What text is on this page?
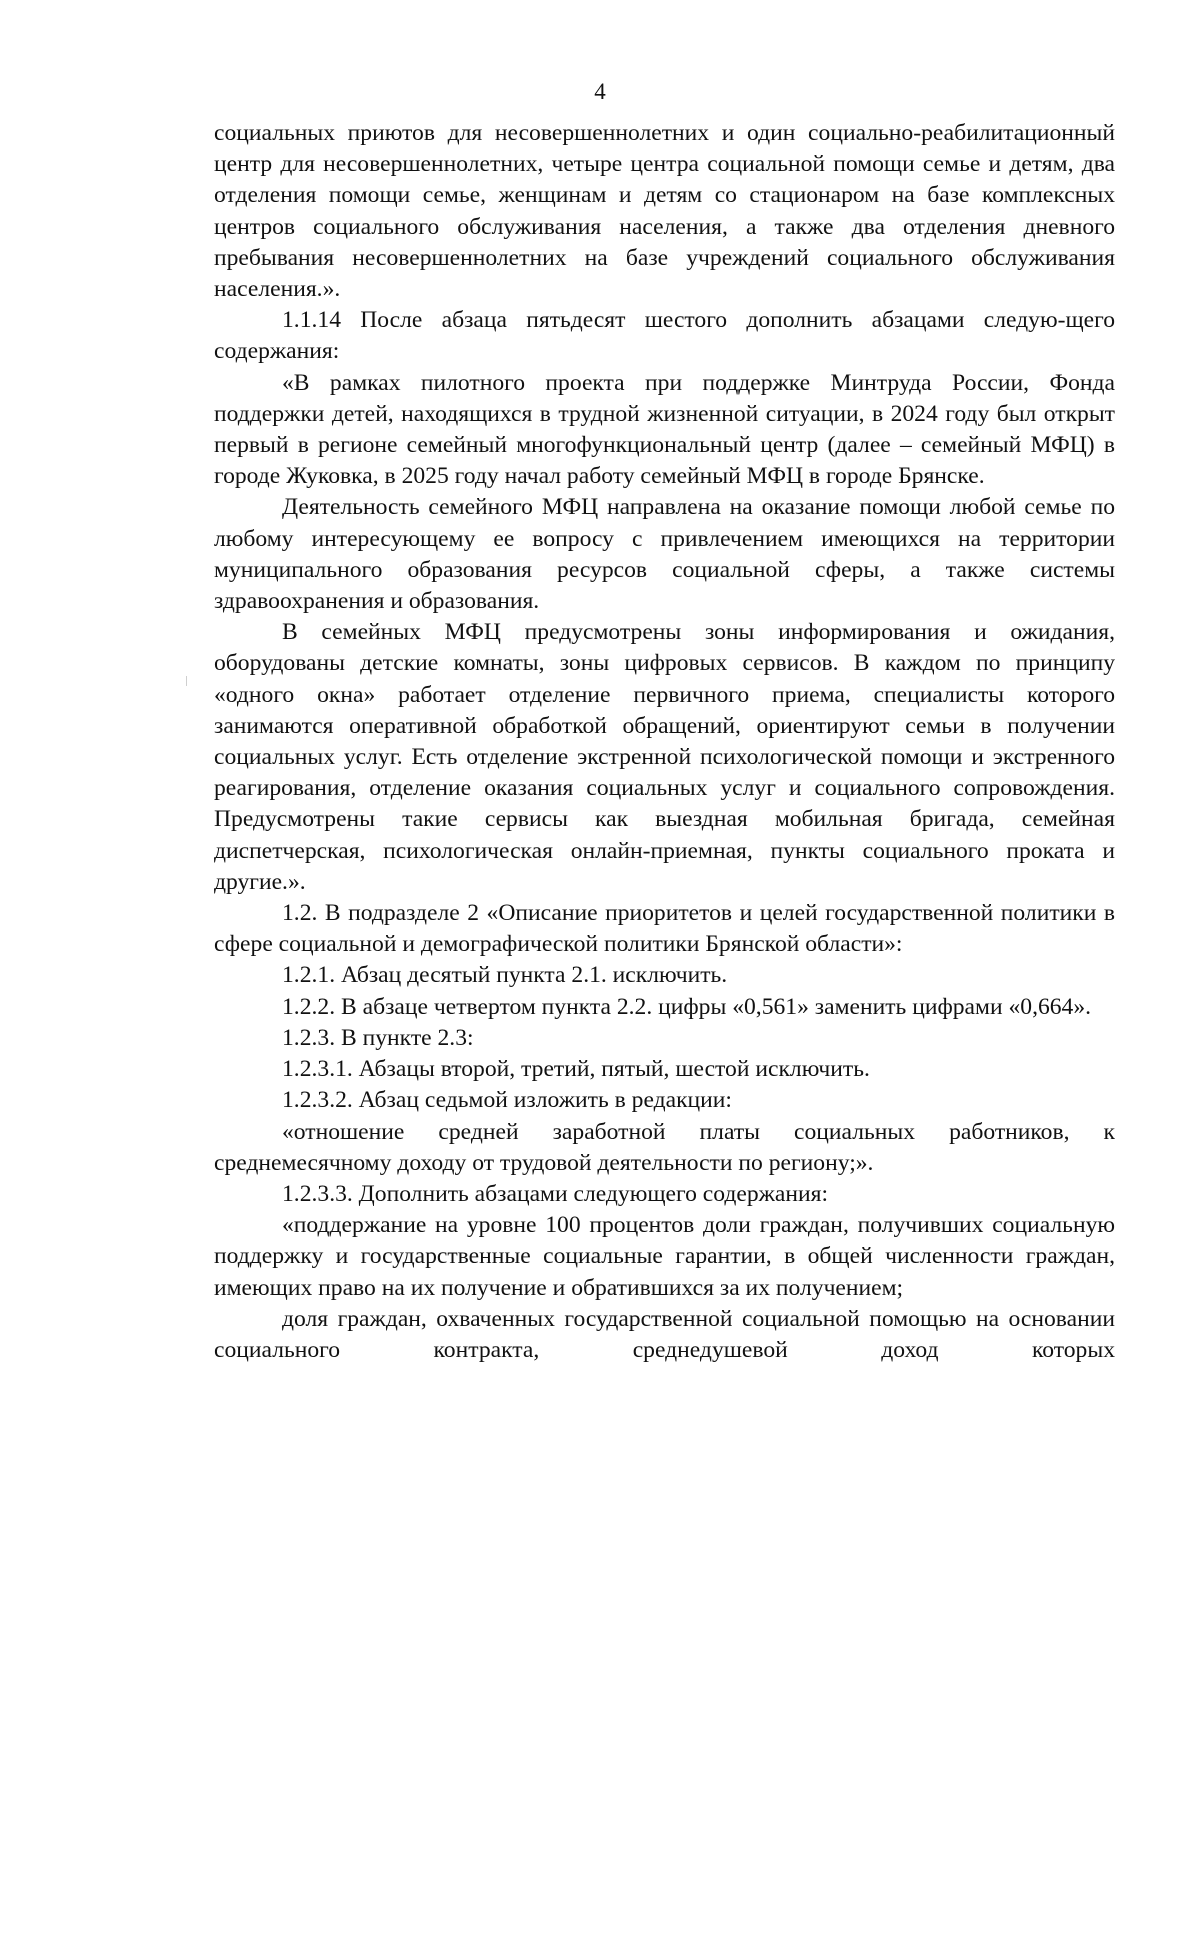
4

социальных приютов для несовершеннолетних и один социально-реабилитационный центр для несовершеннолетних, четыре центра социальной помощи семье и детям, два отделения помощи семье, женщинам и детям со стационаром на базе комплексных центров социального обслуживания населения, а также два отделения дневного пребывания несовершеннолетних на базе учреждений социального обслуживания населения.».

1.1.14 После абзаца пятьдесят шестого дополнить абзацами следую-щего содержания:

«В рамках пилотного проекта при поддержке Минтруда России, Фонда поддержки детей, находящихся в трудной жизненной ситуации, в 2024 году был открыт первый в регионе семейный многофункциональный центр (далее – семейный МФЦ) в городе Жуковка, в 2025 году начал работу семейный МФЦ в городе Брянске.

Деятельность семейного МФЦ направлена на оказание помощи любой семье по любому интересующему ее вопросу с привлечением имеющихся на территории муниципального образования ресурсов социальной сферы, а также системы здравоохранения и образования.

В семейных МФЦ предусмотрены зоны информирования и ожидания, оборудованы детские комнаты, зоны цифровых сервисов. В каждом по принципу «одного окна» работает отделение первичного приема, специалисты которого занимаются оперативной обработкой обращений, ориентируют семьи в получении социальных услуг. Есть отделение экстренной психологической помощи и экстренного реагирования, отделение оказания социальных услуг и социального сопровождения. Предусмотрены такие сервисы как выездная мобильная бригада, семейная диспетчерская, психологическая онлайн-приемная, пункты социального проката и другие.».

1.2. В подразделе 2 «Описание приоритетов и целей государственной политики в сфере социальной и демографической политики Брянской области»:

1.2.1. Абзац десятый пункта 2.1. исключить.

1.2.2. В абзаце четвертом пункта 2.2. цифры «0,561» заменить цифрами «0,664».

1.2.3. В пункте 2.3:

1.2.3.1. Абзацы второй, третий, пятый, шестой исключить.

1.2.3.2. Абзац седьмой изложить в редакции:

«отношение средней заработной платы социальных работников, к среднемесячному доходу от трудовой деятельности по региону;».

1.2.3.3. Дополнить абзацами следующего содержания:

«поддержание на уровне 100 процентов доли граждан, получивших социальную поддержку и государственные социальные гарантии, в общей численности граждан, имеющих право на их получение и обратившихся за их получением;

доля граждан, охваченных государственной социальной помощью на основании социального контракта, среднедушевой доход которых
